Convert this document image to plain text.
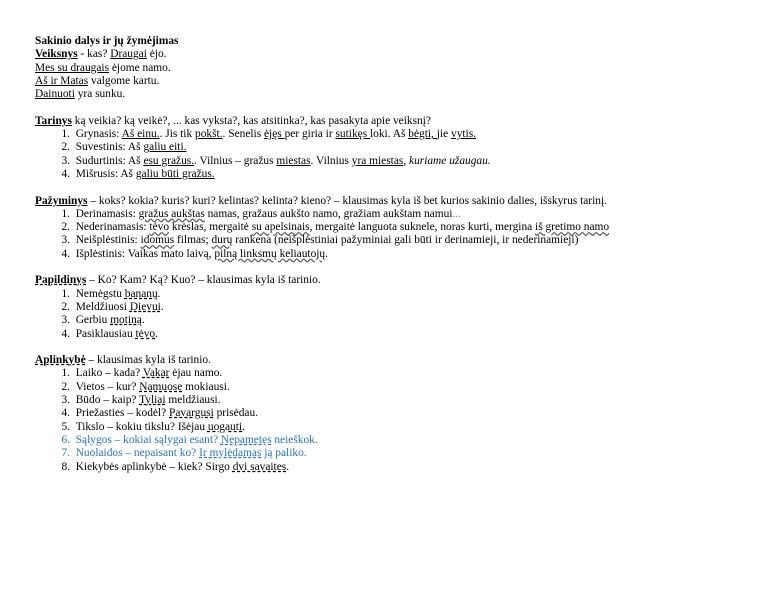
Sakinio dalys ir jų žymėjimas
Veiksnys - kas? Draugai ėjo.
Mes su draugais ėjome namo.
Aš ir Matas valgome kartu.
Dainuoti yra sunku.
Tarinys ką veikia? ką veikė?, ... kas vyksta?, kas atsitinka?, kas pasakyta apie veiksnį?
1. Grynasis: Aš einu.. Jis tik pokšt.. Senelis ėjęs per giria ir sutikęs loki. Aš bėgti, jie vytis.
2. Suvestinis: Aš galiu eiti.
3. Sudurtinis: Aš esu gražus.. Vilnius – gražus miestas. Vilnius yra miestas, kuriame užaugau.
4. Mišrusis: Aš galiu būti gražus.
Pažyminys – koks? kokia? kuris? kuri? kelintas? kelinta? kieno? – klausimas kyla iš bet kurios sakinio dalies, išskyrus tarinį.
1. Derinamasis: gražus aukštas namas, gražaus aukšto namo, gražiam aukštam namui...
2. Nederinamasis: tėvo krėslas, mergaitė su apelsinais, mergaitė languota suknele, noras kurti, mergina iš gretimo namo
3. Neišplėstinis: idomus filmas; durų rankena (neišplėstiniai pažyminiai gali būti ir derinamieji, ir nederinamieji)
4. Išplėstinis: Vaikas mato laivą, pilną linksmų keliautojų.
Papildinys – Ko? Kam? Ką? Kuo? – klausimas kyla iš tarinio.
1. Nemėgstu bananų.
2. Meldžiuosi Dievui.
3. Gerbiu motiną.
4. Pasiklausiau tėvo.
Aplinkybė – klausimas kyla iš tarinio.
1. Laiko – kada? Vakar ėjau namo.
2. Vietos – kur? Namuose mokiausi.
3. Būdo – kaip? Tyliai meldžiausi.
4. Priežasties – kodėl? Pavargusi prisėdau.
5. Tikslo – kokiu tikslu? Išėjau uogauti.
6. Sąlygos – kokiai sąlygai esant? Nepametęs neieškok.
7. Nuolaidos – nepaisant ko? Ir mylėdamas ją paliko.
8. Kiekybės aplinkybė – kiek? Sirgo dvi savaites.
